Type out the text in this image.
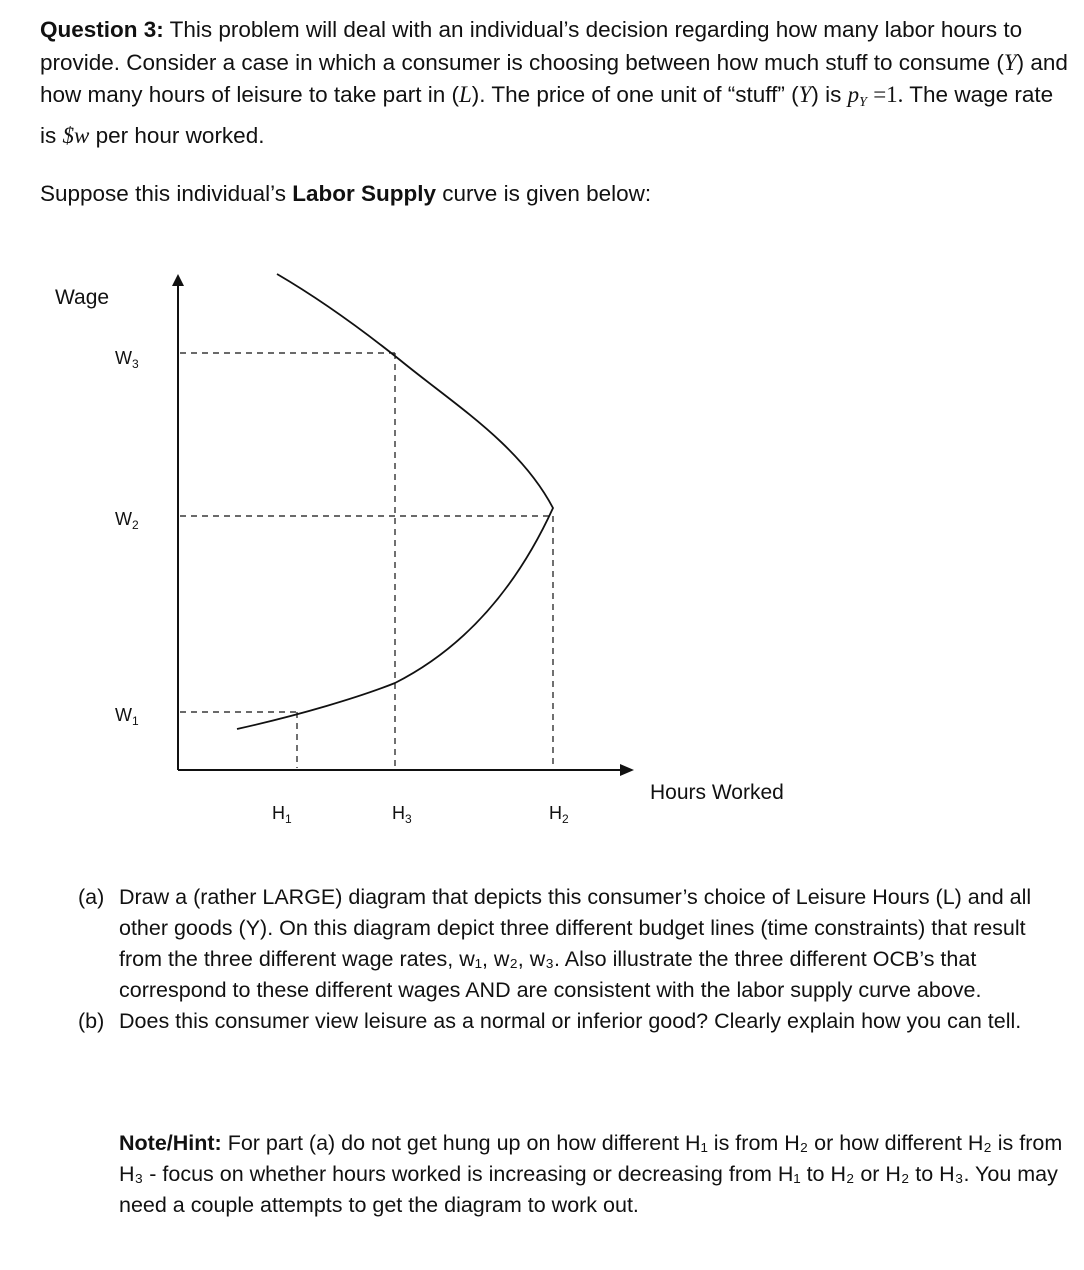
Question 3: This problem will deal with an individual’s decision regarding how many labor hours to provide. Consider a case in which a consumer is choosing between how much stuff to consume (Y) and how many hours of leisure to take part in (L). The price of one unit of “stuff” (Y) is pY =1. The wage rate is $w per hour worked.
Suppose this individual’s Labor Supply curve is given below:
Wage
Hours Worked
$W_1$
$W_2$
$W_3$
$H_1$	$H_3$	$H_2$
(a) Draw a (rather LARGE) diagram that depicts this consumer’s choice of Leisure Hours (L) and all other goods (Y). On this diagram depict three different budget lines (time constraints) that result from the three different wage rates, w₁, w₂, w₃. Also illustrate the three different OCB’s that correspond to these different wages AND are consistent with the labor supply curve above.
(b) Does this consumer view leisure as a normal or inferior good? Clearly explain how you can tell.
Note/Hint: For part (a) do not get hung up on how different H₁ is from H₂ or how different H₂ is from H₃ - focus on whether hours worked is increasing or decreasing from H₁ to H₂ or H₂ to H₃. You may need a couple attempts to get the diagram to work out.
